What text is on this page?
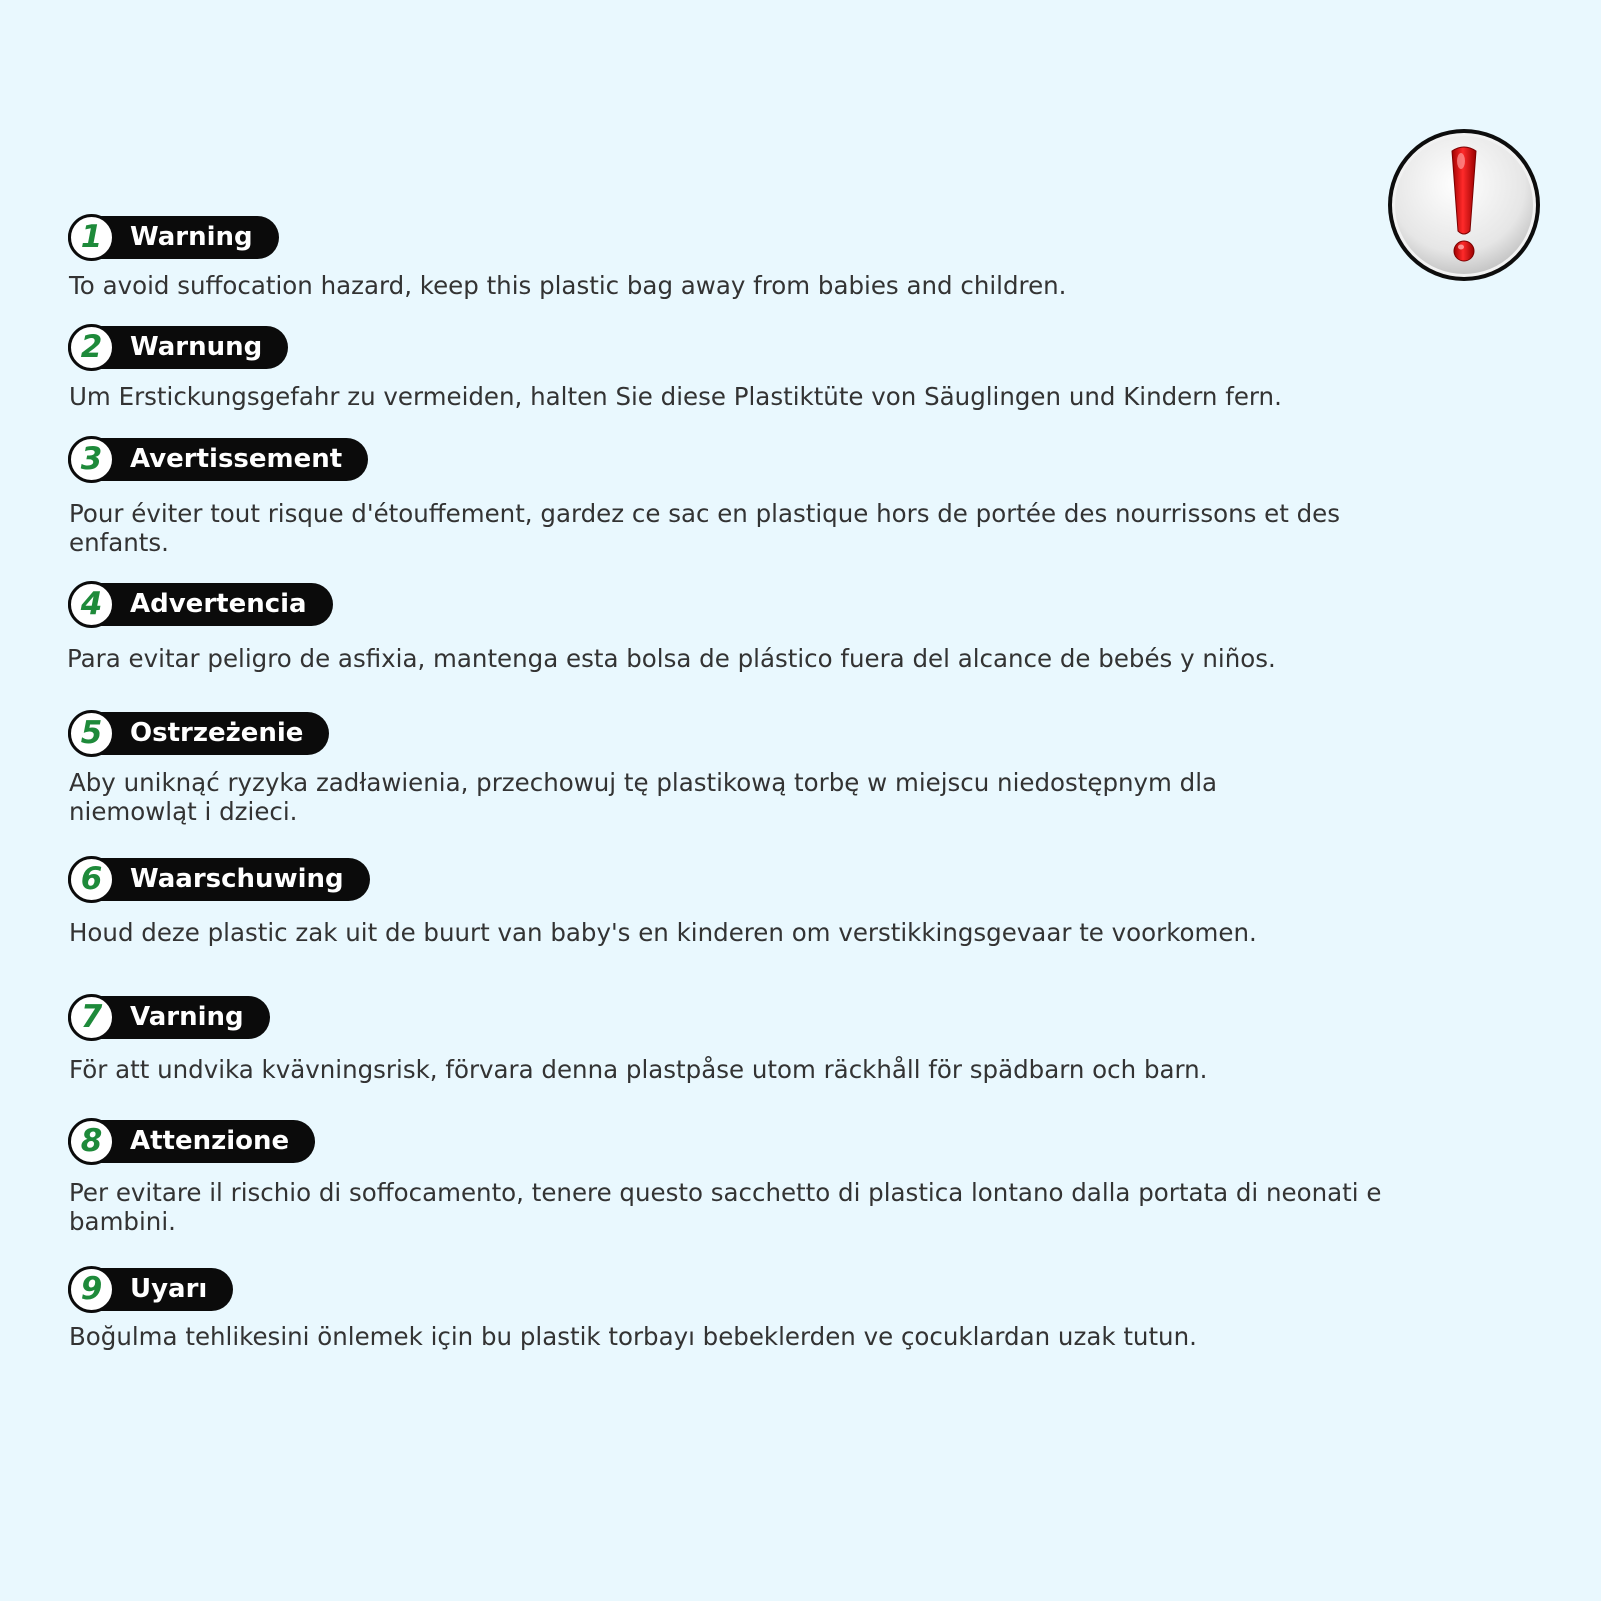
1	Warning

To avoid suffocation hazard, keep this plastic bag away from babies and children.

2	Warnung

Um Erstickungsgefahr zu vermeiden, halten Sie diese Plastiktüte von Säuglingen und Kindern fern.

3	Avertissement

Pour éviter tout risque d'étouffement, gardez ce sac en plastique hors de portée des nourrissons et des enfants.

4	Advertencia

Para evitar peligro de asfixia, mantenga esta bolsa de plástico fuera del alcance de bebés y niños.

5	Ostrzeżenie

Aby uniknąć ryzyka zadławienia, przechowuj tę plastikową torbę w miejscu niedostępnym dla niemowląt i dzieci.

6	Waarschuwing

Houd deze plastic zak uit de buurt van baby's en kinderen om verstikkingsgevaar te voorkomen.

7	Varning

För att undvika kvävningsrisk, förvara denna plastpåse utom räckhåll för spädbarn och barn.

8	Attenzione

Per evitare il rischio di soffocamento, tenere questo sacchetto di plastica lontano dalla portata di neonati e bambini.

9	Uyarı

Boğulma tehlikesini önlemek için bu plastik torbayı bebeklerden ve çocuklardan uzak tutun.
